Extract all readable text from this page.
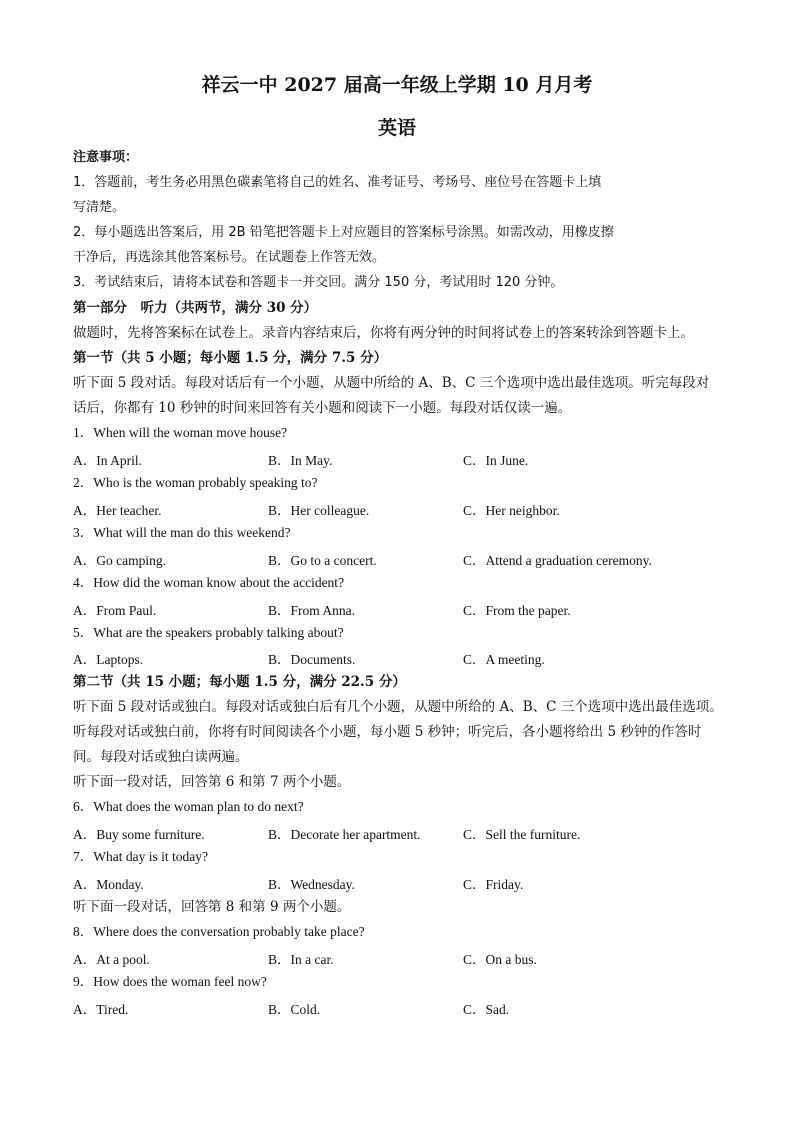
祥云一中 2027 届高一年级上学期 10 月月考
英语
注意事项：
1．答题前，考生务必用黑色碳素笔将自己的姓名、准考证号、考场号、座位号在答题卡上填
写清楚。
2．每小题选出答案后，用 2B 铅笔把答题卡上对应题目的答案标号涂黑。如需改动，用橡皮擦
干净后，再选涂其他答案标号。在试题卷上作答无效。
3．考试结束后，请将本试卷和答题卡一并交回。满分 150 分，考试用时 120 分钟。
第一部分　听力（共两节，满分 30 分）
做题时，先将答案标在试卷上。录音内容结束后，你将有两分钟的时间将试卷上的答案转涂到答题卡上。
第一节（共 5 小题；每小题 1.5 分，满分 7.5 分）
听下面 5 段对话。每段对话后有一个小题，从题中所给的 A、B、C 三个选项中选出最佳选项。听完每段对
话后，你都有 10 秒钟的时间来回答有关小题和阅读下一小题。每段对话仅读一遍。
1．When will the woman move house?
A．In April.	B．In May.	C．In June.
2．Who is the woman probably speaking to?
A．Her teacher.	B．Her colleague.	C．Her neighbor.
3．What will the man do this weekend?
A．Go camping.	B．Go to a concert.	C．Attend a graduation ceremony.
4．How did the woman know about the accident?
A．From Paul.	B．From Anna.	C．From the paper.
5．What are the speakers probably talking about?
A．Laptops.	B．Documents.	C．A meeting.
第二节（共 15 小题；每小题 1.5 分，满分 22.5 分）
听下面 5 段对话或独白。每段对话或独白后有几个小题，从题中所给的 A、B、C 三个选项中选出最佳选项。
听每段对话或独白前，你将有时间阅读各个小题，每小题 5 秒钟；听完后，各小题将给出 5 秒钟的作答时
间。每段对话或独白读两遍。
听下面一段对话，回答第 6 和第 7 两个小题。
6．What does the woman plan to do next?
A．Buy some furniture.	B．Decorate her apartment.	C．Sell the furniture.
7．What day is it today?
A．Monday.	B．Wednesday.	C．Friday.
听下面一段对话，回答第 8 和第 9 两个小题。
8．Where does the conversation probably take place?
A．At a pool.	B．In a car.	C．On a bus.
9．How does the woman feel now?
A．Tired.	B．Cold.	C．Sad.
